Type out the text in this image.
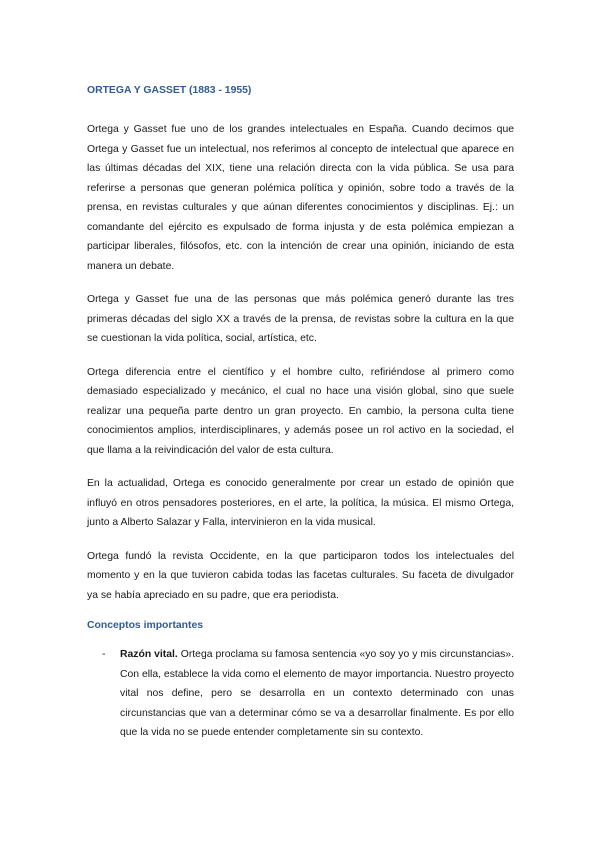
ORTEGA Y GASSET (1883 - 1955)

Ortega y Gasset fue uno de los grandes intelectuales en España. Cuando decimos que Ortega y Gasset fue un intelectual, nos referimos al concepto de intelectual que aparece en las últimas décadas del XIX, tiene una relación directa con la vida pública. Se usa para referirse a personas que generan polémica política y opinión, sobre todo a través de la prensa, en revistas culturales y que aúnan diferentes conocimientos y disciplinas. Ej.: un comandante del ejército es expulsado de forma injusta y de esta polémica empiezan a participar liberales, filósofos, etc. con la intención de crear una opinión, iniciando de esta manera un debate.

Ortega y Gasset fue una de las personas que más polémica generó durante las tres primeras décadas del siglo XX a través de la prensa, de revistas sobre la cultura en la que se cuestionan la vida política, social, artística, etc.

Ortega diferencia entre el científico y el hombre culto, refiriéndose al primero como demasiado especializado y mecánico, el cual no hace una visión global, sino que suele realizar una pequeña parte dentro un gran proyecto. En cambio, la persona culta tiene conocimientos amplios, interdisciplinares, y además posee un rol activo en la sociedad, el que llama a la reivindicación del valor de esta cultura.

En la actualidad, Ortega es conocido generalmente por crear un estado de opinión que influyó en otros pensadores posteriores, en el arte, la política, la música. El mismo Ortega, junto a Alberto Salazar y Falla, intervinieron en la vida musical.

Ortega fundó la revista Occidente, en la que participaron todos los intelectuales del momento y en la que tuvieron cabida todas las facetas culturales. Su faceta de divulgador ya se había apreciado en su padre, que era periodista.

Conceptos importantes
- Razón vital. Ortega proclama su famosa sentencia «yo soy yo y mis circunstancias». Con ella, establece la vida como el elemento de mayor importancia. Nuestro proyecto vital nos define, pero se desarrolla en un contexto determinado con unas circunstancias que van a determinar cómo se va a desarrollar finalmente. Es por ello que la vida no se puede entender completamente sin su contexto.
